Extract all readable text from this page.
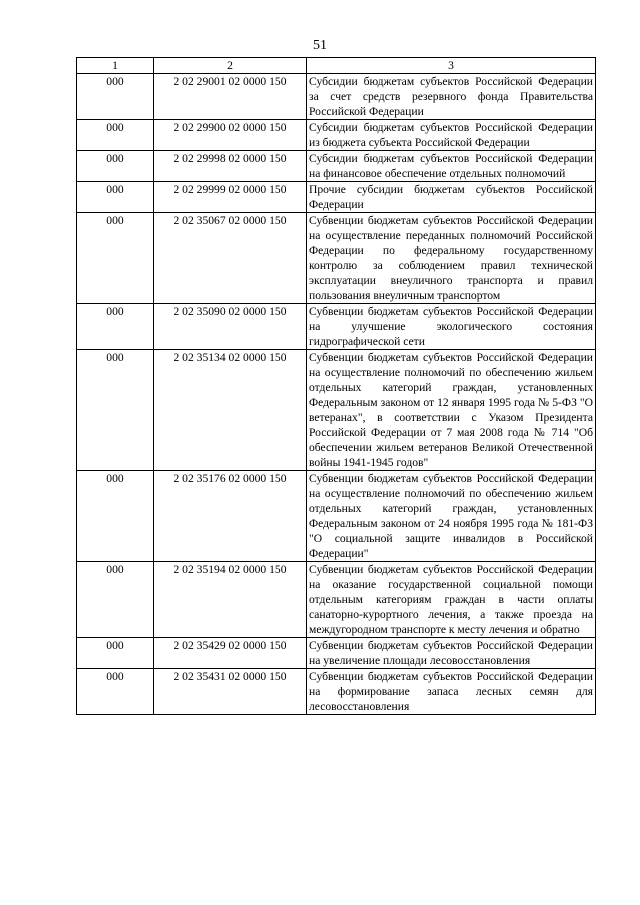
51
1	2	3
000	2 02 29001 02 0000 150	Субсидии бюджетам субъектов Российской Федерации за счет средств резервного фонда Правительства Российской Федерации
000	2 02 29900 02 0000 150	Субсидии бюджетам субъектов Российской Федерации из бюджета субъекта Российской Федерации
000	2 02 29998 02 0000 150	Субсидии бюджетам субъектов Российской Федерации на финансовое обеспечение отдельных полномочий
000	2 02 29999 02 0000 150	Прочие субсидии бюджетам субъектов Российской Федерации
000	2 02 35067 02 0000 150	Субвенции бюджетам субъектов Российской Федерации на осуществление переданных полномочий Российской Федерации по федеральному государственному контролю за соблюдением правил технической эксплуатации внеуличного транспорта и правил пользования внеуличным транспортом
000	2 02 35090 02 0000 150	Субвенции бюджетам субъектов Российской Федерации на улучшение экологического состояния гидрографической сети
000	2 02 35134 02 0000 150	Субвенции бюджетам субъектов Российской Федерации на осуществление полномочий по обеспечению жильем отдельных категорий граждан, установленных Федеральным законом от 12 января 1995 года № 5-ФЗ "О ветеранах", в соответствии с Указом Президента Российской Федерации от 7 мая 2008 года № 714 "Об обеспечении жильем ветеранов Великой Отечественной войны 1941-1945 годов"
000	2 02 35176 02 0000 150	Субвенции бюджетам субъектов Российской Федерации на осуществление полномочий по обеспечению жильем отдельных категорий граждан, установленных Федеральным законом от 24 ноября 1995 года № 181-ФЗ "О социальной защите инвалидов в Российской Федерации"
000	2 02 35194 02 0000 150	Субвенции бюджетам субъектов Российской Федерации на оказание государственной социальной помощи отдельным категориям граждан в части оплаты санаторно-курортного лечения, а также проезда на междугородном транспорте к месту лечения и обратно
000	2 02 35429 02 0000 150	Субвенции бюджетам субъектов Российской Федерации на увеличение площади лесовосстановления
000	2 02 35431 02 0000 150	Субвенции бюджетам субъектов Российской Федерации на формирование запаса лесных семян для лесовосстановления
